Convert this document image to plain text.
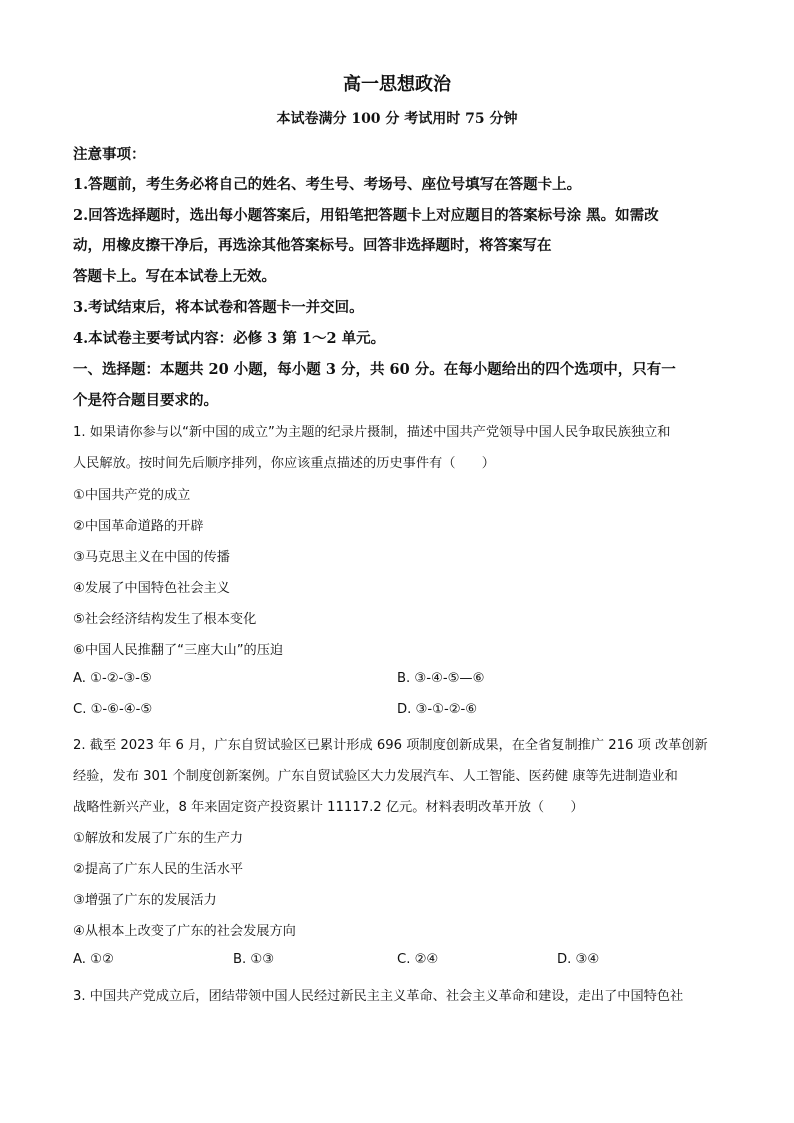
高一思想政治
本试卷满分 100 分 考试用时 75 分钟
注意事项：
1.答题前，考生务必将自己的姓名、考生号、考场号、座位号填写在答题卡上。
2.回答选择题时，选出每小题答案后，用铅笔把答题卡上对应题目的答案标号涂 黑。如需改
动，用橡皮擦干净后，再选涂其他答案标号。回答非选择题时，将答案写在
答题卡上。写在本试卷上无效。
3.考试结束后，将本试卷和答题卡一并交回。
4.本试卷主要考试内容：必修 3 第 1～2 单元。
一、选择题：本题共 20 小题，每小题 3 分，共 60 分。在每小题给出的四个选项中，只有一
个是符合题目要求的。
1. 如果请你参与以“新中国的成立”为主题的纪录片摄制，描述中国共产党领导中国人民争取民族独立和
人民解放。按时间先后顺序排列，你应该重点描述的历史事件有（　　）
①中国共产党的成立
②中国革命道路的开辟
③马克思主义在中国的传播
④发展了中国特色社会主义
⑤社会经济结构发生了根本变化
⑥中国人民推翻了“三座大山”的压迫
A. ①-②-③-⑤	B. ③-④-⑤—⑥
C. ①-⑥-④-⑤	D. ③-①-②-⑥
2. 截至 2023 年 6 月，广东自贸试验区已累计形成 696 项制度创新成果，在全省复制推广 216 项 改革创新
经验，发布 301 个制度创新案例。广东自贸试验区大力发展汽车、人工智能、医药健 康等先进制造业和
战略性新兴产业，8 年来固定资产投资累计 11117.2 亿元。材料表明改革开放（　　）
①解放和发展了广东的生产力
②提高了广东人民的生活水平
③增强了广东的发展活力
④从根本上改变了广东的社会发展方向
A. ①②	B. ①③	C. ②④	D. ③④
3. 中国共产党成立后，团结带领中国人民经过新民主主义革命、社会主义革命和建设，走出了中国特色社
